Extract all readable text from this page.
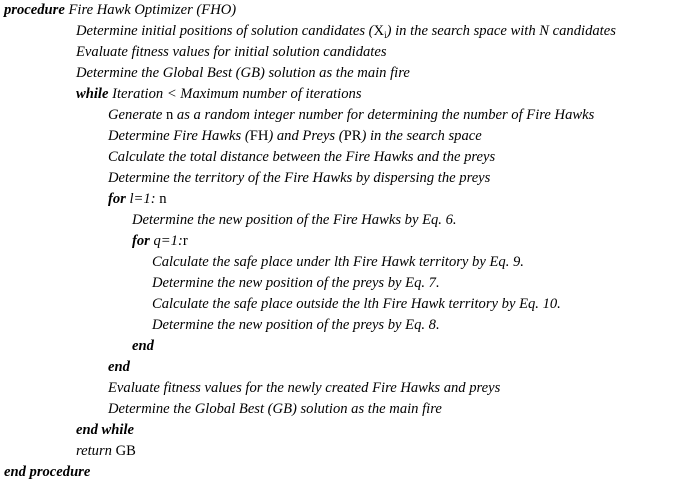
procedure Fire Hawk Optimizer (FHO)
Determine initial positions of solution candidates $(X_i)$ in the search space with N candidates
Evaluate fitness values for initial solution candidates
Determine the Global Best (GB) solution as the main fire
while Iteration < Maximum number of iterations
Generate n as a random integer number for determining the number of Fire Hawks
Determine Fire Hawks (FH) and Preys (PR) in the search space
Calculate the total distance between the Fire Hawks and the preys
Determine the territory of the Fire Hawks by dispersing the preys
for l=1: n
Determine the new position of the Fire Hawks by Eq. 6.
for q=1:r
Calculate the safe place under lth Fire Hawk territory by Eq. 9.
Determine the new position of the preys by Eq. 7.
Calculate the safe place outside the lth Fire Hawk territory by Eq. 10.
Determine the new position of the preys by Eq. 8.
end
end
Evaluate fitness values for the newly created Fire Hawks and preys
Determine the Global Best (GB) solution as the main fire
end while
return GB
end procedure
